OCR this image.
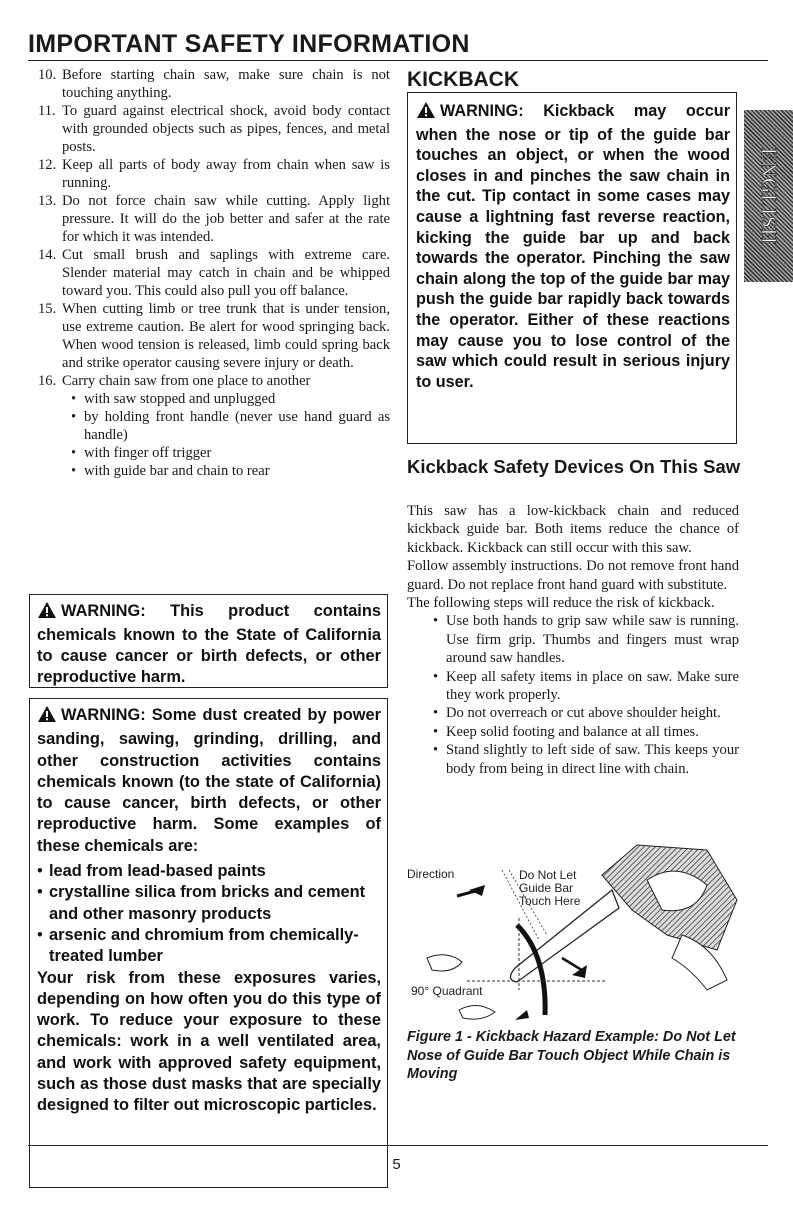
IMPORTANT SAFETY INFORMATION
ENGLISH
10. Before starting chain saw, make sure chain is not touching anything.
11. To guard against electrical shock, avoid body contact with grounded objects such as pipes, fences, and metal posts.
12. Keep all parts of body away from chain when saw is running.
13. Do not force chain saw while cutting. Apply light pressure. It will do the job better and safer at the rate for which it was intended.
14. Cut small brush and saplings with extreme care. Slender material may catch in chain and be whipped toward you. This could also pull you off balance.
15. When cutting limb or tree trunk that is under tension, use extreme caution. Be alert for wood springing back. When wood tension is released, limb could spring back and strike operator causing severe injury or death.
16. Carry chain saw from one place to another
• with saw stopped and unplugged
• by holding front handle (never use hand guard as handle)
• with finger off trigger
• with guide bar and chain to rear
WARNING: This product contains chemicals known to the State of California to cause cancer or birth defects, or other reproductive harm.
WARNING: Some dust created by power sanding, sawing, grinding, drilling, and other construction activities contains chemicals known (to the state of California) to cause cancer, birth defects, or other reproductive harm. Some examples of these chemicals are:
• lead from lead-based paints
• crystalline silica from bricks and cement and other masonry products
• arsenic and chromium from chemically-treated lumber
Your risk from these exposures varies, depending on how often you do this type of work. To reduce your exposure to these chemicals: work in a well ventilated area, and work with approved safety equipment, such as those dust masks that are specially designed to filter out microscopic particles.
KICKBACK
WARNING: Kickback may occur when the nose or tip of the guide bar touches an object, or when the wood closes in and pinches the saw chain in the cut. Tip contact in some cases may cause a lightning fast reverse reaction, kicking the guide bar up and back towards the operator. Pinching the saw chain along the top of the guide bar may push the guide bar rapidly back towards the operator. Either of these reactions may cause you to lose control of the saw which could result in serious injury to user.
Kickback Safety Devices On This Saw

This saw has a low-kickback chain and reduced kickback guide bar. Both items reduce the chance of kickback. Kickback can still occur with this saw.

Follow assembly instructions. Do not remove front hand guard. Do not replace front hand guard with substitute.

The following steps will reduce the risk of kickback.

• Use both hands to grip saw while saw is running. Use firm grip. Thumbs and fingers must wrap around saw handles.
• Keep all safety items in place on saw. Make sure they work properly.
• Do not overreach or cut above shoulder height.
• Keep solid footing and balance at all times.
• Stand slightly to left side of saw. This keeps your body from being in direct line with chain.
Direction	Do Not Let Guide Bar Touch Here
90° Quadrant
Figure 1 - Kickback Hazard Example: Do Not Let Nose of Guide Bar Touch Object While Chain is Moving
5
